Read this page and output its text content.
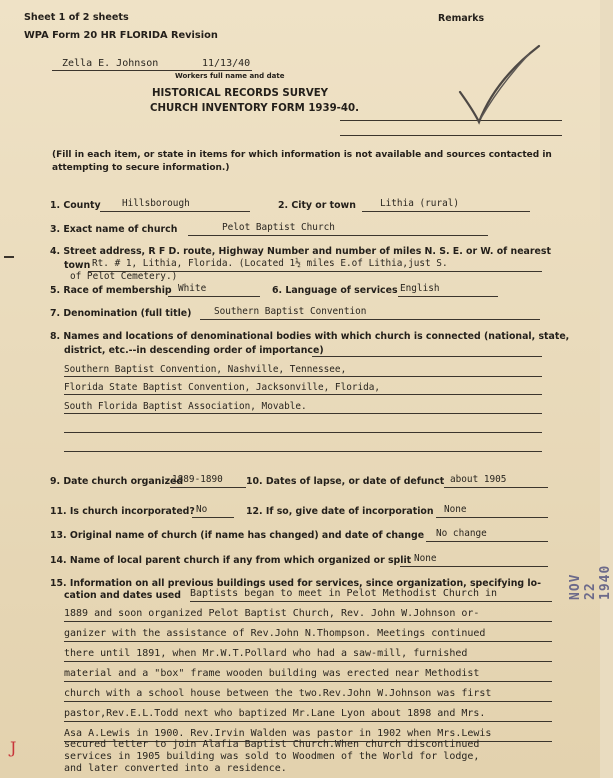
Sheet 1 of 2 sheets	Remarks
WPA Form 20 HR FLORIDA Revision
Zella E. Johnson	11/13/40
Workers full name and date
HISTORICAL RECORDS SURVEY
CHURCH INVENTORY FORM 1939-40.
(Fill in each item, or state in items for which information is not available and sources contacted in
attempting to secure information.)
1. County Hillsborough	2. City or town	Lithia (rural)
3. Exact name of church	Pelot Baptist Church
4. Street address, R F D. route, Highway Number and number of miles N. S. E. or W. of nearest
town Rt. # 1, Lithia, Florida. (Located 1½ miles E.of Lithia,just S.
of Pelot Cemetery.)
5. Race of membership White	6. Language of services English
7. Denomination (full title) Southern Baptist Convention
8. Names and locations of denominational bodies with which church is connected (national, state,
district, etc.--in descending order of importance)
Southern Baptist Convention, Nashville, Tennessee,
Florida State Baptist Convention, Jacksonville, Florida,
South Florida Baptist Association, Movable.
9. Date church organized
1889-1890 10. Dates of lapse, or date of defunct about 1905
11. Is church incorporated? No	12. If so, give date of incorporation None
13. Original name of church (if name has changed) and date of change No change
14. Name of local parent church if any from which organized or split None
15. Information on all previous buildings used for services, since organization, specifying lo-
cation and dates used Baptists began to meet in Pelot Methodist Church in
1889 and soon organized Pelot Baptist Church, Rev. John W.Johnson or-
ganizer with the assistance of Rev.John N.Thompson. Meetings continued
there until 1891, when Mr.W.T.Pollard who had a saw-mill, furnished
material and a "box" frame wooden building was erected near Methodist
church with a school house between the two.Rev.John W.Johnson was first
pastor,Rev.E.L.Todd next who baptized Mr.Lane Lyon about 1898 and Mrs.
Asa A.Lewis in 1900. Rev.Irvin Walden was pastor in 1902 when Mrs.Lewis
secured letter to join Alafia Baptist Church.When church discontinued
services in 1905 building was sold to Woodmen of the World for lodge,
and later converted into a residence.
NOV 22 1940
J
